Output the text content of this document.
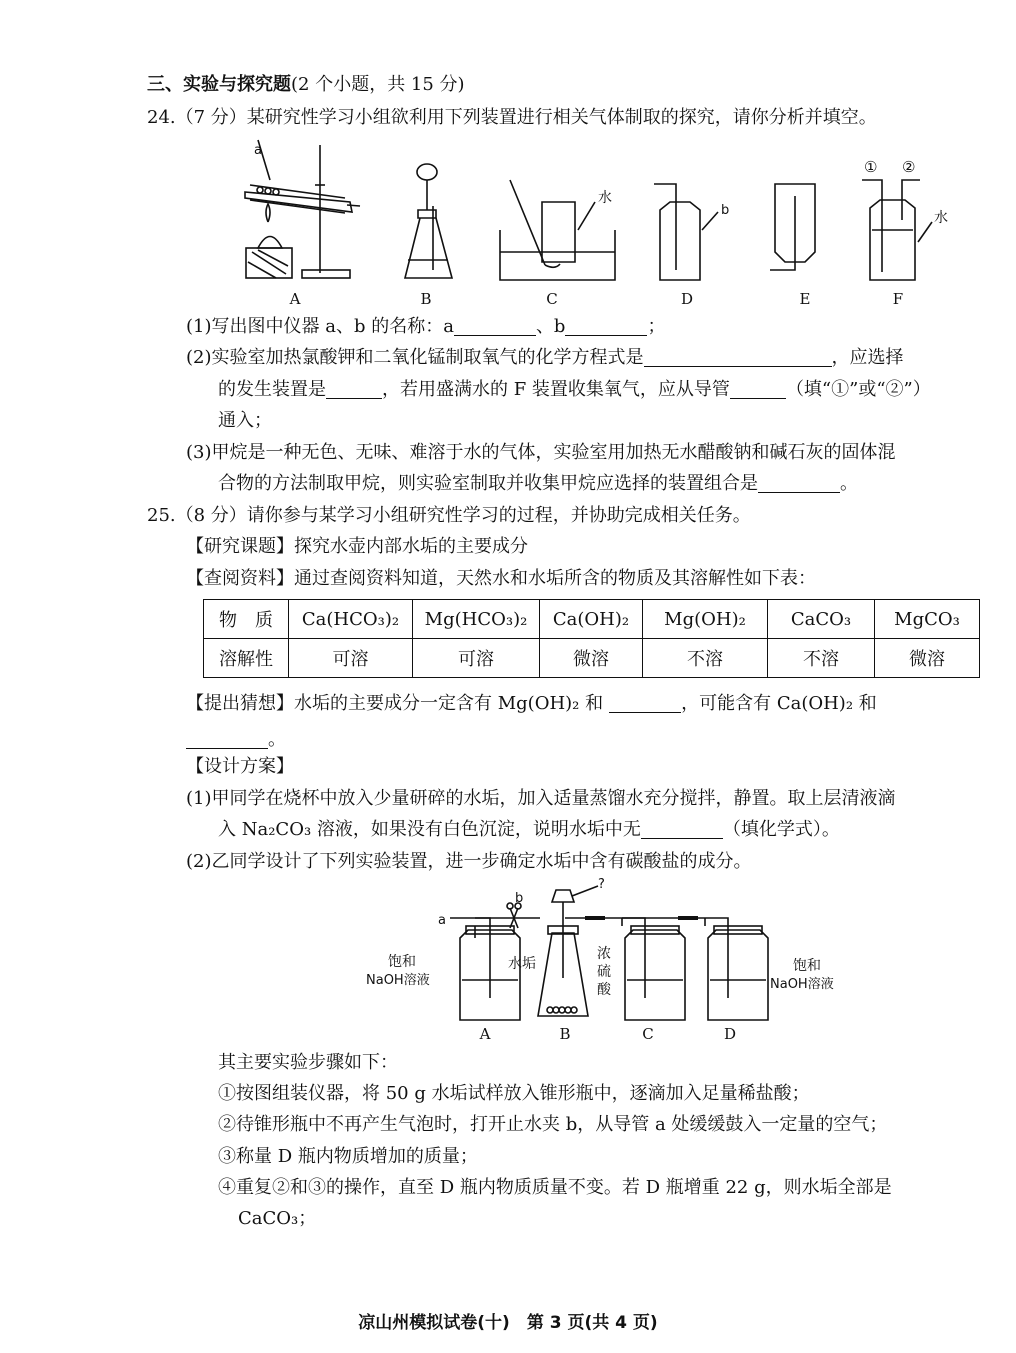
三、实验与探究题(2 个小题，共 15 分)
24.（7 分）某研究性学习小组欲利用下列装置进行相关气体制取的探究，请你分析并填空。
a
b
水
水
① ②
A	B	C	D	E	F
(1)写出图中仪器 a、b 的名称：a	、b	；
(2)实验室加热氯酸钾和二氧化锰制取氧气的化学方程式是	，应选择
的发生装置是	，若用盛满水的 F 装置收集氧气，应从导管	（填“①”或“②”）
通入；
(3)甲烷是一种无色、无味、难溶于水的气体，实验室用加热无水醋酸钠和碱石灰的固体混
合物的方法制取甲烷，则实验室制取并收集甲烷应选择的装置组合是	。
25.（8 分）请你参与某学习小组研究性学习的过程，并协助完成相关任务。
【研究课题】探究水壶内部水垢的主要成分
【查阅资料】通过查阅资料知道，天然水和水垢所含的物质及其溶解性如下表：
物　质	Ca(HCO₃)₂	Mg(HCO₃)₂	Ca(OH)₂	Mg(OH)₂	CaCO₃	MgCO₃
溶解性	可溶	可溶	微溶	不溶	不溶	微溶
【提出猜想】水垢的主要成分一定含有 Mg(OH)₂ 和	，可能含有 Ca(OH)₂ 和
。
【设计方案】
(1)甲同学在烧杯中放入少量研碎的水垢，加入适量蒸馏水充分搅拌，静置。取上层清液滴
入 Na₂CO₃ 溶液，如果没有白色沉淀，说明水垢中无	（填化学式）。
(2)乙同学设计了下列实验装置，进一步确定水垢中含有碳酸盐的成分。
a
b
?
饱和
NaOH溶液
水垢
浓
硫
酸
饱和
NaOH溶液
A	B	C	D
其主要实验步骤如下：
①按图组装仪器，将 50 g 水垢试样放入锥形瓶中，逐滴加入足量稀盐酸；
②待锥形瓶中不再产生气泡时，打开止水夹 b，从导管 a 处缓缓鼓入一定量的空气；
③称量 D 瓶内物质增加的质量；
④重复②和③的操作，直至 D 瓶内物质质量不变。若 D 瓶增重 22 g，则水垢全部是
CaCO₃；
凉山州模拟试卷(十)　第 3 页(共 4 页)
